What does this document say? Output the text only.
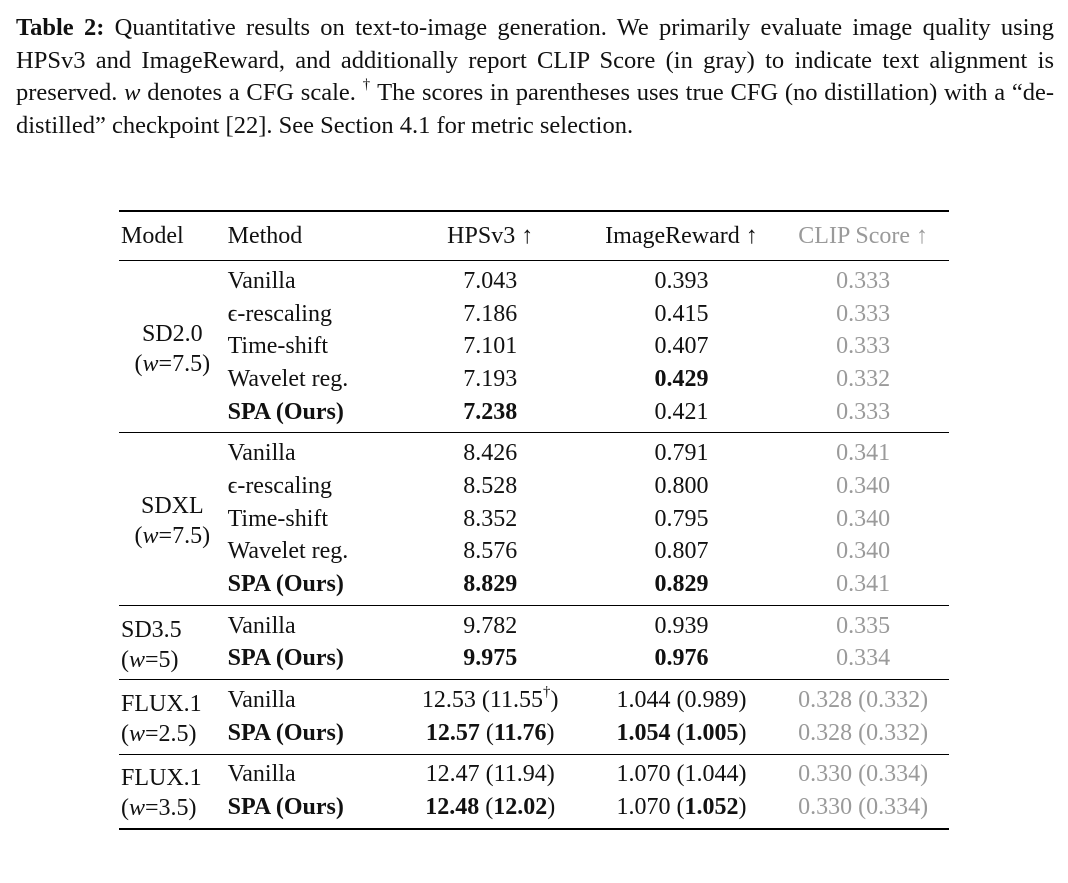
Table 2: Quantitative results on text-to-image generation. We primarily evaluate image quality using HPSv3 and ImageReward, and additionally report CLIP Score (in gray) to indicate text alignment is preserved. w denotes a CFG scale. † The scores in parentheses uses true CFG (no distillation) with a “de-distilled” checkpoint [22]. See Section 4.1 for metric selection.
Model	Method	HPSv3 ↑	ImageReward ↑	CLIP Score ↑

SD2.0
(w=7.5)	Vanilla	7.043	0.393	0.333
	ϵ-rescaling	7.186	0.415	0.333
	Time-shift	7.101	0.407	0.333
	Wavelet reg.	7.193	0.429	0.332
	SPA (Ours)	7.238	0.421	0.333

SDXL
(w=7.5)	Vanilla	8.426	0.791	0.341
	ϵ-rescaling	8.528	0.800	0.340
	Time-shift	8.352	0.795	0.340
	Wavelet reg.	8.576	0.807	0.340
	SPA (Ours)	8.829	0.829	0.341

SD3.5
(w=5)	Vanilla	9.782	0.939	0.335
	SPA (Ours)	9.975	0.976	0.334

FLUX.1
(w=2.5)	Vanilla	12.53 (11.55†)	1.044 (0.989)	0.328 (0.332)
	SPA (Ours)	12.57 (11.76)	1.054 (1.005)	0.328 (0.332)

FLUX.1
(w=3.5)	Vanilla	12.47 (11.94)	1.070 (1.044)	0.330 (0.334)
	SPA (Ours)	12.48 (12.02)	1.070 (1.052)	0.330 (0.334)
